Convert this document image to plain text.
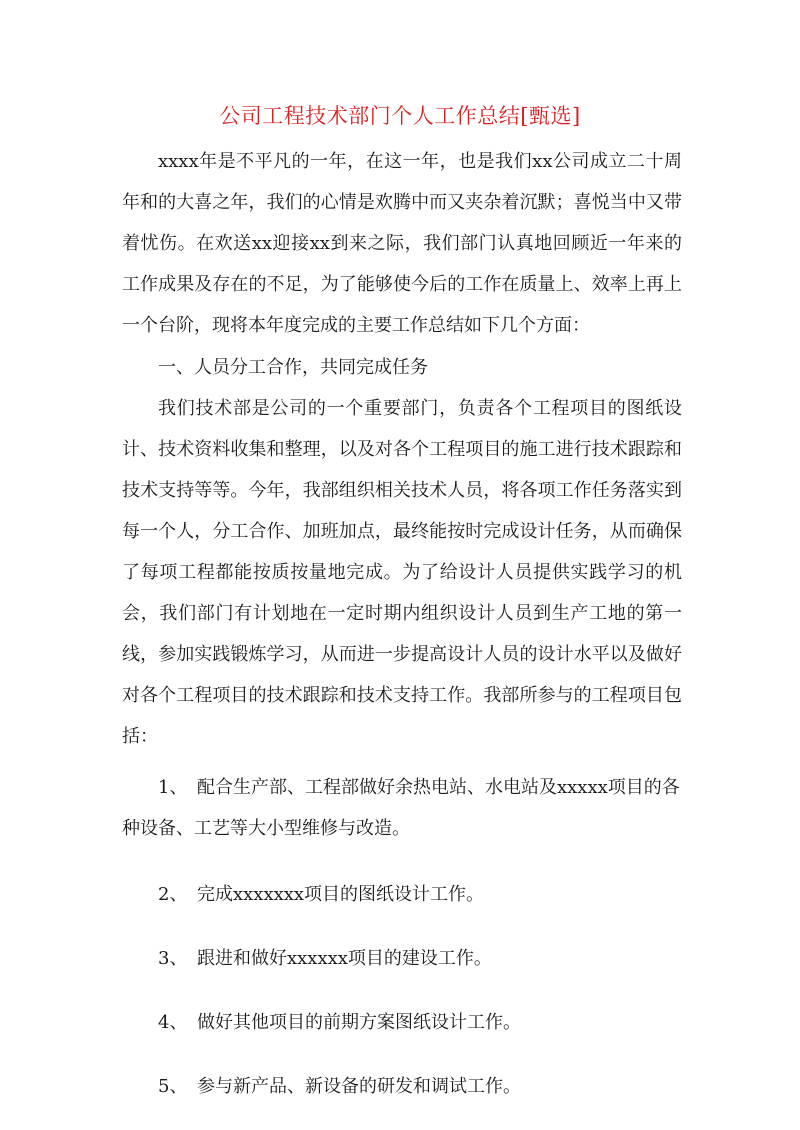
公司工程技术部门个人工作总结[甄选]

xxxx年是不平凡的一年，在这一年，也是我们xx公司成立二十周年和的大喜之年，我们的心情是欢腾中而又夹杂着沉默；喜悦当中又带着忧伤。在欢送xx迎接xx到来之际，我们部门认真地回顾近一年来的工作成果及存在的不足，为了能够使今后的工作在质量上、效率上再上一个台阶，现将本年度完成的主要工作总结如下几个方面：

一、人员分工合作，共同完成任务

我们技术部是公司的一个重要部门，负责各个工程项目的图纸设计、技术资料收集和整理，以及对各个工程项目的施工进行技术跟踪和技术支持等等。今年，我部组织相关技术人员，将各项工作任务落实到每一个人，分工合作、加班加点，最终能按时完成设计任务，从而确保了每项工程都能按质按量地完成。为了给设计人员提供实践学习的机会，我们部门有计划地在一定时期内组织设计人员到生产工地的第一线，参加实践锻炼学习，从而进一步提高设计人员的设计水平以及做好对各个工程项目的技术跟踪和技术支持工作。我部所参与的工程项目包括：

1、 配合生产部、工程部做好余热电站、水电站及xxxxx项目的各种设备、工艺等大小型维修与改造。
2、 完成xxxxxxx项目的图纸设计工作。
3、 跟进和做好xxxxxx项目的建设工作。
4、 做好其他项目的前期方案图纸设计工作。
5、 参与新产品、新设备的研发和调试工作。
